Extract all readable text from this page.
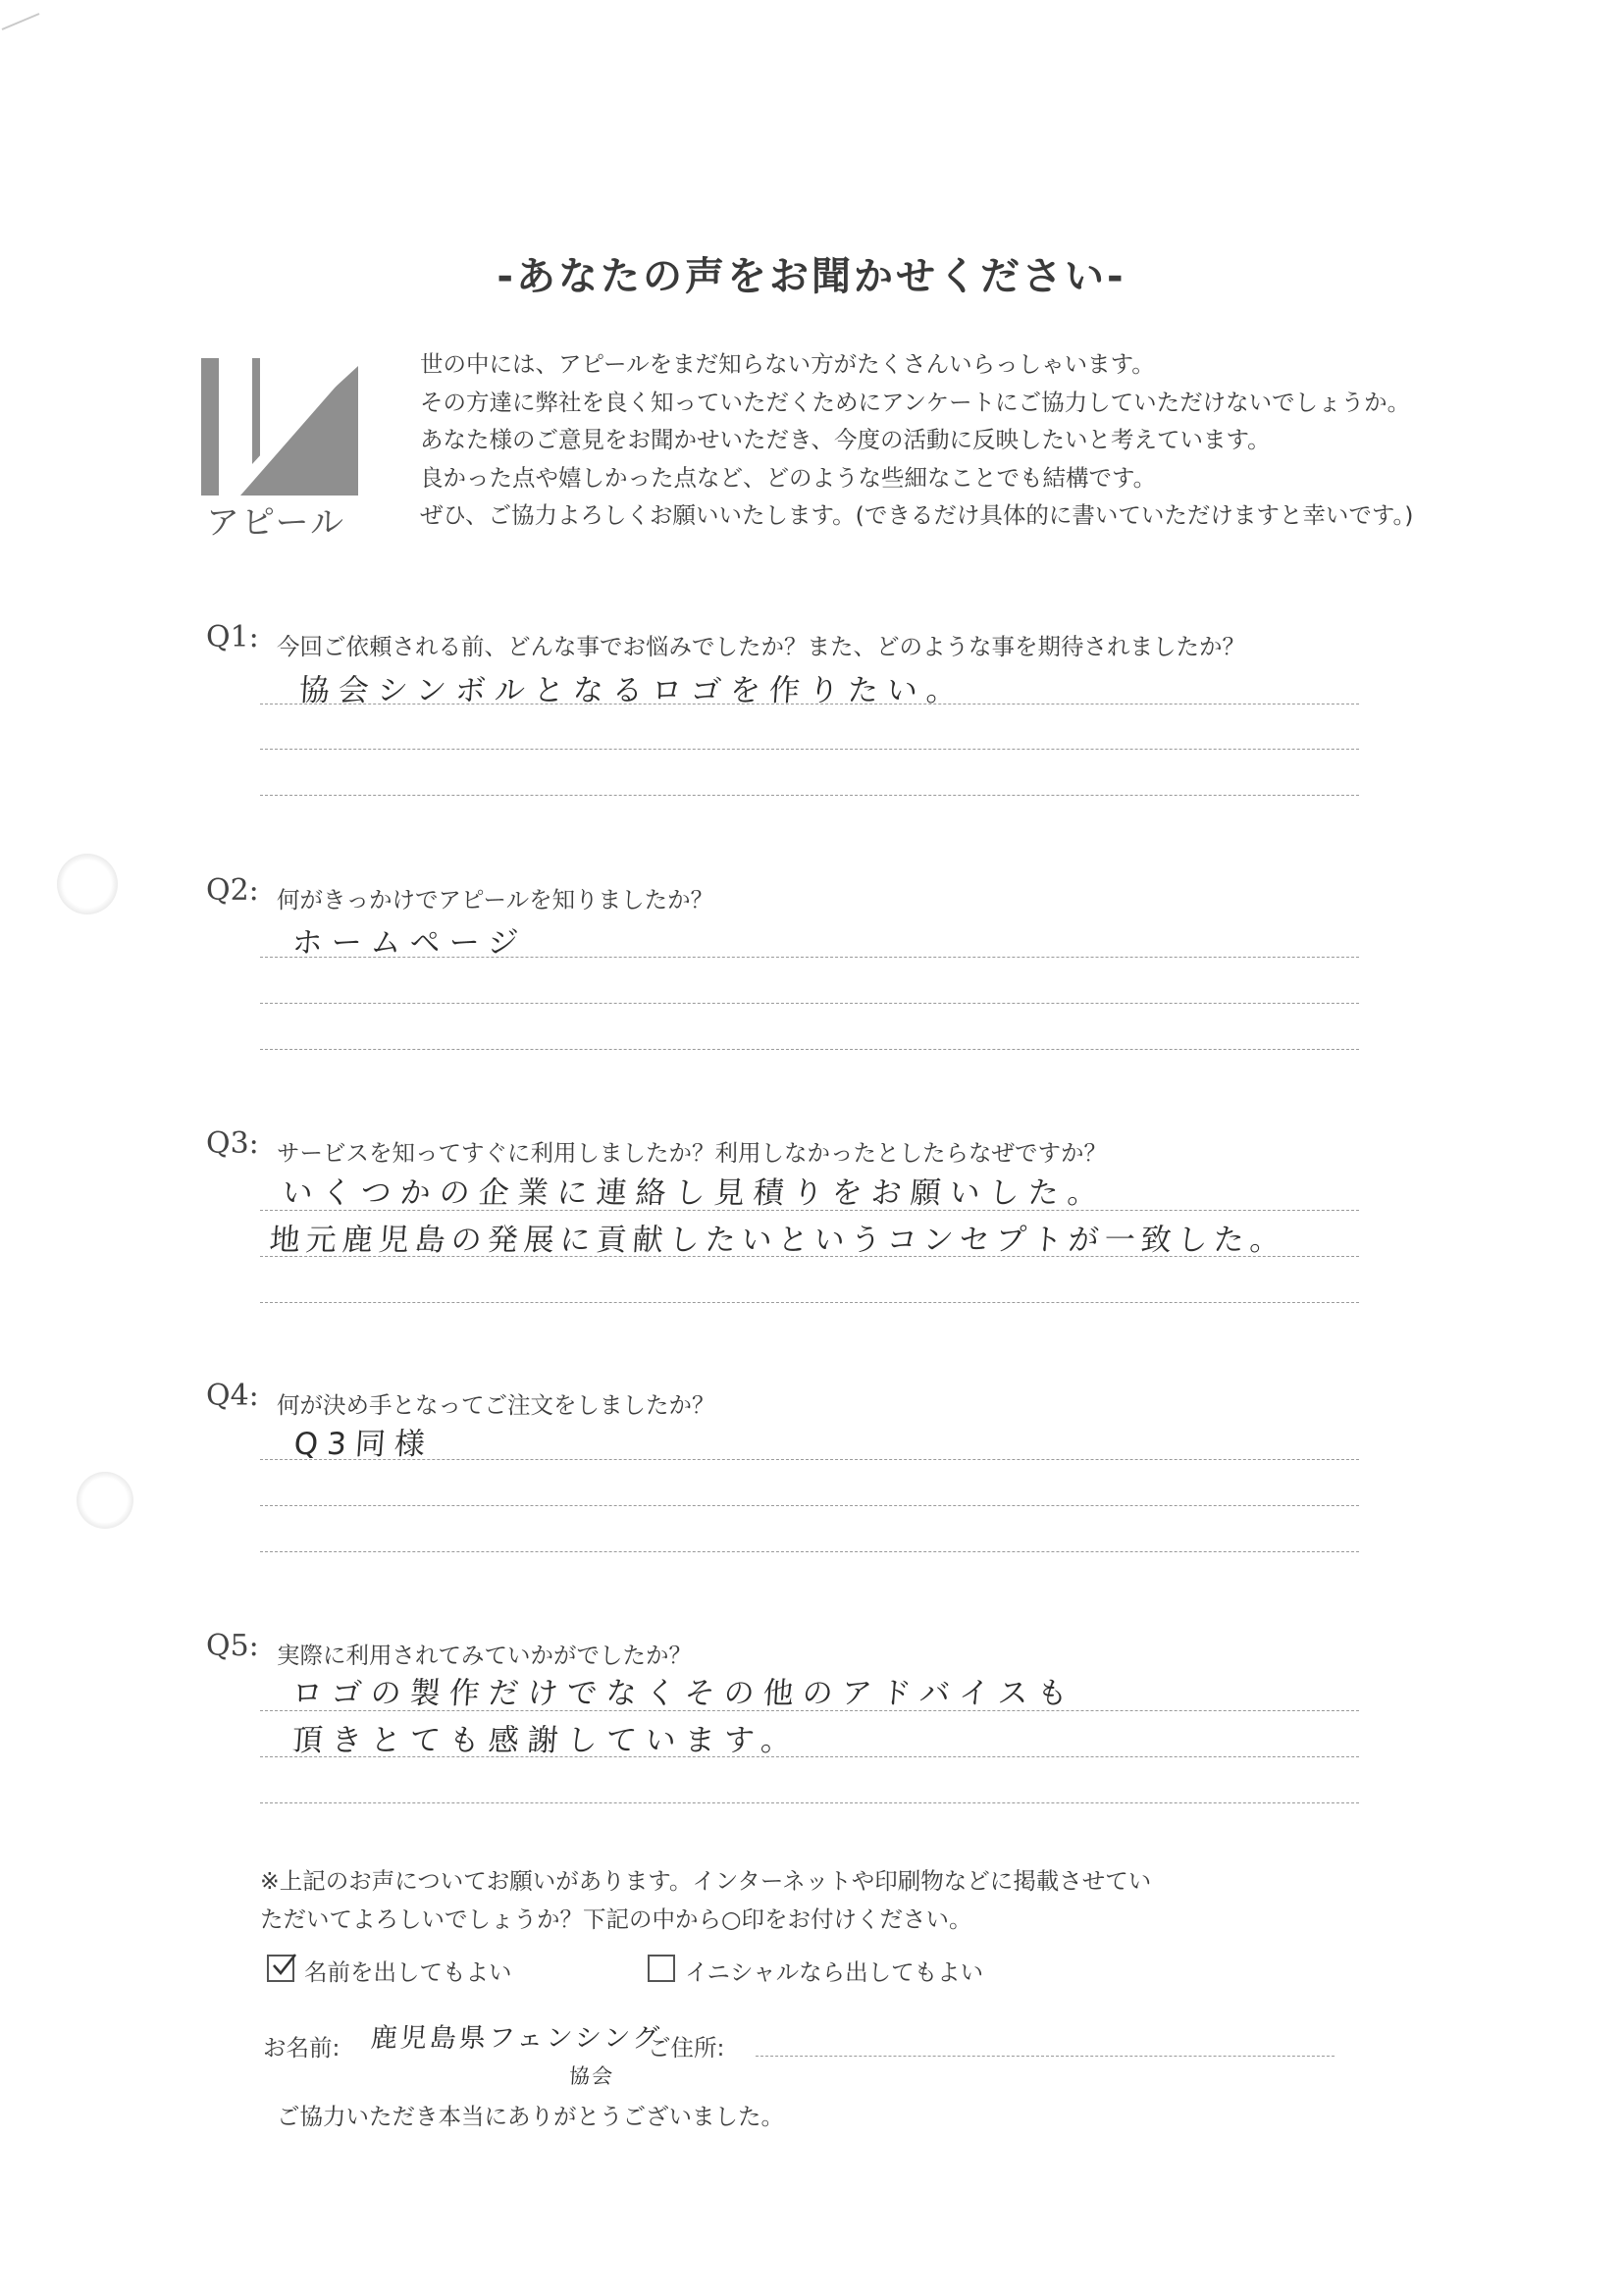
-あなたの声をお聞かせください-
アピール
世の中には、アピールをまだ知らない方がたくさんいらっしゃいます。
その方達に弊社を良く知っていただくためにアンケートにご協力していただけないでしょうか。
あなた様のご意見をお聞かせいただき、今度の活動に反映したいと考えています。
良かった点や嬉しかった点など、どのような些細なことでも結構です。
ぜひ、ご協力よろしくお願いいたします。(できるだけ具体的に書いていただけますと幸いです。)
Q1: 今回ご依頼される前、どんな事でお悩みでしたか？また、どのような事を期待されましたか？
協会シンボルとなるロゴを作りたい。
Q2: 何がきっかけでアピールを知りましたか？
ホームページ
Q3: サービスを知ってすぐに利用しましたか？利用しなかったとしたらなぜですか？
いくつかの企業に連絡し見積りをお願いした。
地元鹿児島の発展に貢献したいというコンセプトが一致した。
Q4: 何が決め手となってご注文をしましたか？
Q3同様
Q5: 実際に利用されてみていかがでしたか？
ロゴの製作だけでなくその他のアドバイスも
頂きとても感謝しています。
※上記のお声についてお願いがあります。インターネットや印刷物などに掲載させてい
ただいてよろしいでしょうか？下記の中から○印をお付けください。
名前を出してもよい	イニシャルなら出してもよい
お名前: 鹿児島県フェンシング
協会
ご住所:
ご協力いただき本当にありがとうございました。
